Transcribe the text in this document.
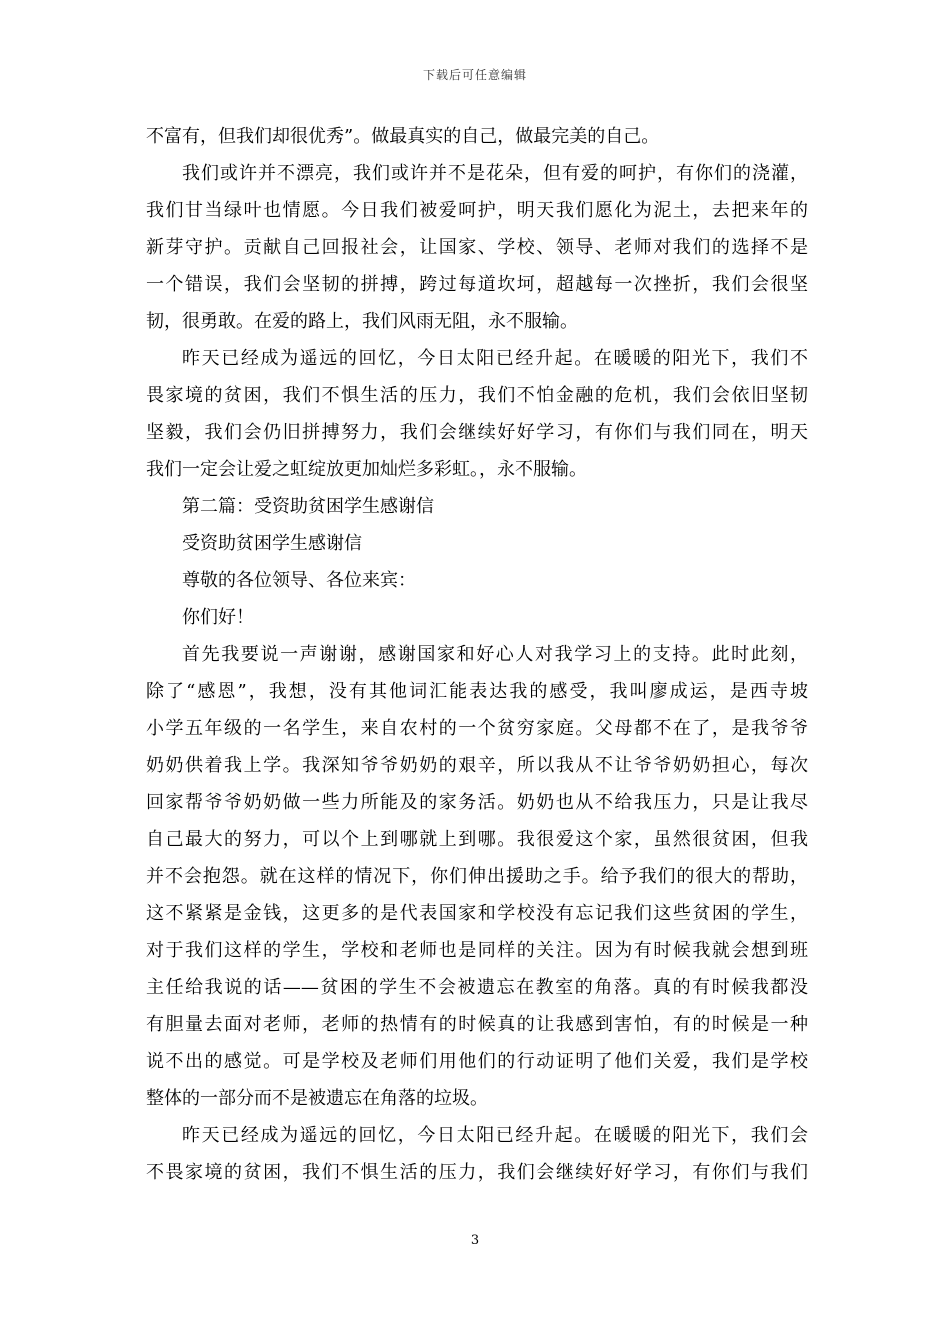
下载后可任意编辑
不富有，但我们却很优秀”。做最真实的自己，做最完美的自己。
我们或许并不漂亮，我们或许并不是花朵，但有爱的呵护，有你们的浇灌，
我们甘当绿叶也情愿。今日我们被爱呵护，明天我们愿化为泥土，去把来年的
新芽守护。贡献自己回报社会，让国家、学校、领导、老师对我们的选择不是
一个错误，我们会坚韧的拼搏，跨过每道坎坷，超越每一次挫折，我们会很坚
韧，很勇敢。在爱的路上，我们风雨无阻，永不服输。
昨天已经成为遥远的回忆，今日太阳已经升起。在暖暖的阳光下，我们不
畏家境的贫困，我们不惧生活的压力，我们不怕金融的危机，我们会依旧坚韧
坚毅，我们会仍旧拼搏努力，我们会继续好好学习，有你们与我们同在，明天
我们一定会让爱之虹绽放更加灿烂多彩虹。，永不服输。
第二篇：受资助贫困学生感谢信
受资助贫困学生感谢信
尊敬的各位领导、各位来宾：
你们好！
首先我要说一声谢谢，感谢国家和好心人对我学习上的支持。此时此刻，
除了“感恩”，我想，没有其他词汇能表达我的感受，我叫廖成运，是西寺坡
小学五年级的一名学生，来自农村的一个贫穷家庭。父母都不在了，是我爷爷
奶奶供着我上学。我深知爷爷奶奶的艰辛，所以我从不让爷爷奶奶担心，每次
回家帮爷爷奶奶做一些力所能及的家务活。奶奶也从不给我压力，只是让我尽
自己最大的努力，可以个上到哪就上到哪。我很爱这个家，虽然很贫困，但我
并不会抱怨。就在这样的情况下，你们伸出援助之手。给予我们的很大的帮助，
这不紧紧是金钱，这更多的是代表国家和学校没有忘记我们这些贫困的学生，
对于我们这样的学生，学校和老师也是同样的关注。因为有时候我就会想到班
主任给我说的话——贫困的学生不会被遗忘在教室的角落。真的有时候我都没
有胆量去面对老师，老师的热情有的时候真的让我感到害怕，有的时候是一种
说不出的感觉。可是学校及老师们用他们的行动证明了他们关爱，我们是学校
整体的一部分而不是被遗忘在角落的垃圾。
昨天已经成为遥远的回忆，今日太阳已经升起。在暖暖的阳光下，我们会
不畏家境的贫困，我们不惧生活的压力，我们会继续好好学习，有你们与我们
3
